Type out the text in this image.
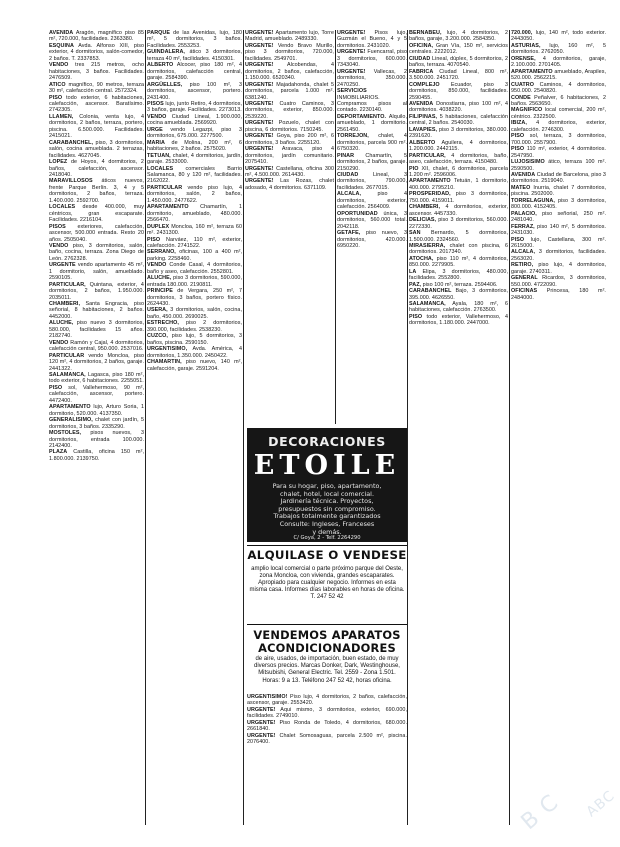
AVENIDA Aragón, magnífico piso 85 m², 720.000, facilidades. 2363380.

ESQUINA Avda. Alfonso XIII, piso exterior, 4 dormitorios, salón-comedor, 2 baños. T. 2337853.

VENDO tres 215 metros, ocho habitaciones, 3 baños. Facilidades. 2476509.

ATICO magnífico, 90 metros, terraza 30 m², calefacción central. 2572324.

PISO todo exterior, 6 habitaciones, calefacción, ascensor. Baratísimo. 2742305.

LLAMEN, Colonia, venta lujo, 4 dormitorios, 2 baños, terraza, portero, piscina. 6.500.000. Facilidades. 2415021.

CARABANCHEL, piso, 3 dormitorios, salón, cocina amueblada. 2 terrazas, facilidades. 4627045.

LOPEZ de Hoyos, 4 dormitorios, 2 baños, calefacción, ascensor. 2418040.

MARAVILLOSOS áticos nuevos, frente Parque Berlín. 3, 4 y 5 dormitorios, 2 baños, terraza. 1.400.000. 2592700.

LOCALES desde 400.000, muy céntricos, gran escaparate. Facilidades. 2216104.

PISOS exteriores, calefacción, ascensor, 500.000 entrada. Resto 20 años. 2505040.

VENDO piso, 3 dormitorios, salón, baño, cocina, terraza. Zona Diego de León. 2762328.

URGENTE vendo apartamento 45 m², 1 dormitorio, salón, amueblado. 2590105.

PARTICULAR, Quintana, exterior, 4 dormitorios, 2 baños, 1.950.000. 2035011.

CHAMBERI, Santa Engracia, piso señorial, 8 habitaciones, 2 baños. 4452000.

ALUCHE, piso nuevo 3 dormitorios, 580.000, facilidades 15 años. 2182740.

VENDO Ramón y Cajal, 4 dormitorios, calefacción central, 950.000. 2537016.

PARTICULAR vendo Moncloa, piso 120 m², 4 dormitorios, 2 baños, garaje. 2441322.

SALAMANCA, Lagasca, piso 180 m², todo exterior, 6 habitaciones. 2255051.

PISO sol, Vallehermoso, 90 m², calefacción, ascensor, portero. 4472400.

APARTAMENTO lujo, Arturo Soria, 1 dormitorio, 520.000. 4137350.

GENERALISIMO, chalet con jardín, 5 dormitorios, 3 baños. 2335290.

MOSTOLES, pisos nuevos, 3 dormitorios, entrada 100.000. 2142400.

PLAZA Castilla, oficina 150 m², 1.800.000. 2139750.

PARQUE de las Avenidas, lujo, 180 m², 5 dormitorios, 3 baños. Facilidades. 2553253.

GUINDALERA, ático 3 dormitorios, terraza 40 m², facilidades. 4150301.

ALBERTO Alcocer, piso 180 m², 4 dormitorios, calefacción central, garaje. 2584390.

ARGÜELLES, piso 100 m², 3 dormitorios, ascensor, portero. 2431400.

PISOS lujo, junto Retiro, 4 dormitorios, 3 baños, garaje. Facilidades. 2273013.

VENDO Ciudad Lineal, 1.900.000, cocina amueblada. 2569920.

URGE vendo Legazpi, piso 3 dormitorios, 675.000. 2277500.

MARIA de Molina, 200 m², 6 habitaciones, 2 baños. 2575020.

TETUAN, chalet, 4 dormitorios, jardín, garaje. 2533000.

LOCALES comerciales Barrio Salamanca, 80 y 120 m², facilidades. 2162022.

PARTICULAR vendo piso lujo, 4 dormitorios, salón, 2 baños, 1.450.000. 2477622.

APARTAMENTO Chamartín, 1 dormitorio, amueblado, 480.000. 2566470.

DUPLEX Moncloa, 160 m², terraza 60 m². 2431300.

PISO Narváez, 110 m², exterior, calefacción. 2741522.

SERRANO, oficinas, 100 a 400 m², parking. 2258460.

VENDO Conde Casal, 4 dormitorios, baño y aseo, calefacción. 2552801.

ALUCHE, piso 3 dormitorios, 590.000, entrada 180.000. 2190811.

PRINCIPE de Vergara, 250 m², 7 dormitorios, 3 baños, portero físico. 2624430.

USERA, 3 dormitorios, salón, cocina, baño, 450.000. 2690025.

ESTRECHO, piso 2 dormitorios, 390.000, facilidades. 2538230.

CUZCO, piso lujo, 5 dormitorios, 3 baños, piscina. 2590150.

URGENTISIMO, Avda. América, 4 dormitorios, 1.350.000. 2450422.

CHAMARTIN, piso nuevo, 140 m², calefacción, garaje. 2591204.

URGENTE! Apartamento lujo, Torre Madrid, amueblado. 2489330.

URGENTE! Vendo Bravo Murillo, piso 3 dormitorios, 720.000, facilidades. 2549701.

URGENTE! Alcobendas, 4 dormitorios, 2 baños, calefacción, 1.150.000. 6520340.

URGENTE! Majadahonda, chalet 5 dormitorios, parcela 1.000 m². 6381240.

URGENTE! Cuatro Caminos, 3 dormitorios, exterior, 850.000. 2539220.

URGENTE! Pozuelo, chalet con piscina, 6 dormitorios. 7150245.

URGENTE! Goya, piso 200 m², 6 dormitorios, 3 baños. 2255120.

URGENTE! Aravaca, piso 4 dormitorios, jardín comunitario. 2075410.

URGENTE! Castellana, oficina 300 m², 4.500.000. 2614430.

URGENTE! Las Rozas, chalet adosado, 4 dormitorios. 6371109.

URGENTE! Pisos lujo, Guzmán el Bueno, 4 y 5 dormitorios. 2431020.

URGENTE! Fuencarral, piso 3 dormitorios, 600.000. 7343040.

URGENTE! Vallecas, 2 dormitorios, 350.000. 2470250.

SERVICIOS INMOBILIARIOS. Compramos pisos al contado. 2230140.

DEPORTAMIENTO. Alquilo, amueblado, 1 dormitorio. 2561450.

TORREJON, chalet, 4 dormitorios, parcela 900 m². 6750320.

PINAR Chamartín, 5 dormitorios, 2 baños, garaje. 2150290.

CIUDAD Lineal, 3 dormitorios, 790.000, facilidades. 2677015.

ALCALA, piso 4 dormitorios, exterior, calefacción. 2564009.

OPORTUNIDAD única, 3 dormitorios, 560.000 total. 2042118.

GETAFE, piso nuevo, 3 dormitorios, 420.000. 6950220.

BERNABEU, lujo, 4 dormitorios, 2 baños, garaje, 3.200.000. 2584350.

OFICINA, Gran Vía, 150 m², servicios centrales. 2222012.

CIUDAD Lineal, dúplex, 5 dormitorios, 2 baños, terraza. 4070540.

FABRICA Ciudad Lineal, 800 m², 3.500.000. 2451720.

COMPLEJO Ecuador, piso 3 dormitorios, 850.000, facilidades. 2590455.

AVENIDA Donostiarra, piso 100 m², 4 dormitorios. 4038220.

FILIPINAS, 5 habitaciones, calefacción central, 2 baños. 2540030.

LAVAPIES, piso 3 dormitorios, 380.000. 2391620.

ALBERTO Aguilera, 4 dormitorios, 1.200.000. 2442115.

PARTICULAR, 4 dormitorios, baño, aseo, calefacción, terraza. 4150480.

PIO XII, chalet, 6 dormitorios, parcela 1.200 m². 2596006.

APARTAMENTO Tetuán, 1 dormitorio, 400.000. 2795210.

PROSPERIDAD, piso 3 dormitorios, 750.000. 4159011.

CHAMBERI, 4 dormitorios, exterior, ascensor. 4457330.

DELICIAS, piso 3 dormitorios, 560.000. 2272330.

SAN Bernardo, 5 dormitorios, 1.500.000. 2324560.

MIRASIERRA, chalet con piscina, 6 dormitorios. 2017340.

ATOCHA, piso 110 m², 4 dormitorios, 850.000. 2279905.

LA Elipa, 3 dormitorios, 480.000, facilidades. 2552800.

PAZ, piso 100 m², terraza. 2594406.

CARABANCHEL Bajo, 3 dormitorios, 395.000. 4626550.

SALAMANCA, Ayala, 180 m², 6 habitaciones, calefacción. 2763500.

PISO todo exterior, Vallehermoso, 4 dormitorios, 1.180.000. 2447000.

720.000, lujo, 140 m², todo exterior. 2443050.

ASTURIAS, lujo, 160 m², 5 dormitorios. 2762050.

ORENSE, 4 dormitorios, garaje, 2.100.000. 2701405.

APARTAMENTO amueblado, Arapiles, 520.000. 2562215.

CUATRO Caminos, 4 dormitorios, 950.000. 2540820.

CONDE Peñalver, 6 habitaciones, 2 baños. 2563650.

MAGNIFICO local comercial, 200 m², céntrico. 2322500.

IBIZA, 4 dormitorios, exterior, calefacción. 2746300.

PISO sol, terraza, 3 dormitorios, 700.000. 2557900.

PISO 110 m², exterior, 4 dormitorios. 2547950.

LUJOSISIMO ático, terraza 100 m². 2590500.

AVENIDA Ciudad de Barcelona, piso 3 dormitorios. 2519040.

MATEO Inurria, chalet 7 dormitorios, piscina. 2502000.

TORRELAGUNA, piso 3 dormitorios, 800.000. 4152405.

PALACIO, piso señorial, 250 m². 2481040.

FERRAZ, piso 140 m², 5 dormitorios. 2431030.

PISO lujo, Castellana, 300 m². 2615000.

ALCALA, 3 dormitorios, facilidades. 2563020.

RETIRO, piso lujo, 4 dormitorios, garaje. 2740311.

GENERAL Ricardos, 3 dormitorios, 550.000. 4722090.

OFICINAS Princesa, 180 m². 2484000.

URGENTISIMO! Piso lujo, 4 dormitorios, 2 baños, calefacción, ascensor, garaje. 2553420.

URGENTE! Aqui mismo, 3 dormitorios, exterior, 690.000, facilidades. 2749010.

URGENTE! Piso Ronda de Toledo, 4 dormitorios, 680.000. 2661840.

URGENTE! Chalet Somosaguas, parcela 2.500 m², piscina. 2076400.

DECORACIONES
ETOILE
Para su hogar, piso, apartamento,
chalet, hotel, local comercial.
Jardinería técnica. Proyectos,
presupuestos sin compromiso.
Trabajos totalmente garantizados
Consulte: Ingleses, Franceses
y demás.
C/ Goya, 2 - Telf. 2264290
ALQUILASE O VENDESE
amplio local comercial o parte próximo parque del Oeste, zona Moncloa, con vivienda, grandes escaparates. Apropiado para cualquier negocio. Informes en esta misma casa. Informes días laborables en horas de oficina. T. 247 52 42
VENDEMOS APARATOS
ACONDICIONADORES
de aire, usados, de importación, buen estado, de muy diversos precios. Marcas Donker, Dark, Westinghouse, Mitsubishi, General Electric. Tel. 2559 - Zona 1.501. Horas: 9 a 13. Teléfono 247 52 42, horas oficina.
B C ABC
